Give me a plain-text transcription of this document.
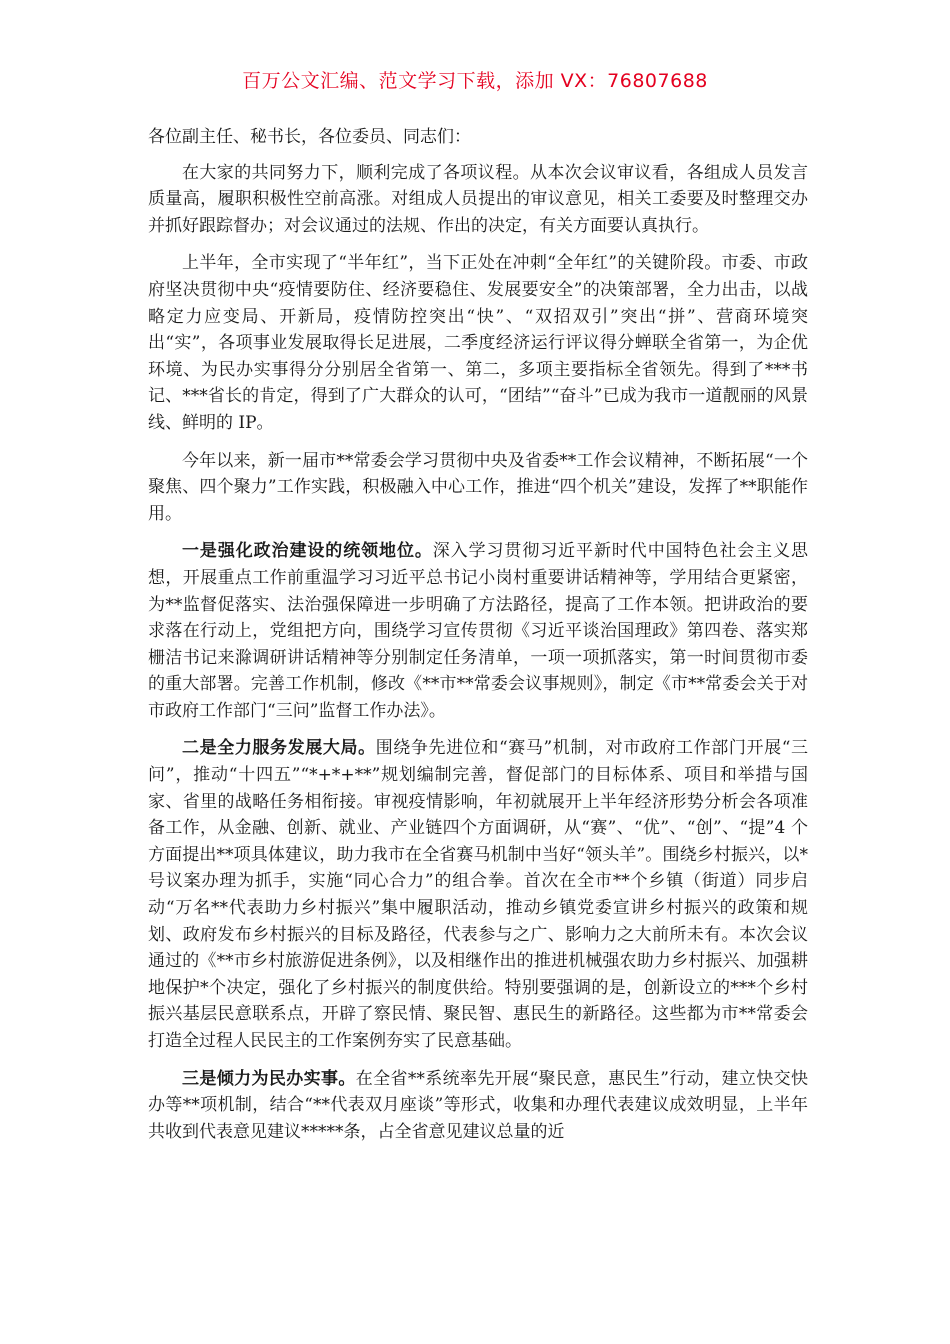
百万公文汇编、范文学习下载，添加 VX：76807688

各位副主任、秘书长，各位委员、同志们：

在大家的共同努力下，顺利完成了各项议程。从本次会议审议看，各组成人员发言质量高，履职积极性空前高涨。对组成人员提出的审议意见，相关工委要及时整理交办并抓好跟踪督办；对会议通过的法规、作出的决定，有关方面要认真执行。

上半年，全市实现了“半年红”，当下正处在冲刺“全年红”的关键阶段。市委、市政府坚决贯彻中央“疫情要防住、经济要稳住、发展要安全”的决策部署，全力出击，以战略定力应变局、开新局，疫情防控突出“快”、“双招双引”突出“拼”、营商环境突出“实”，各项事业发展取得长足进展，二季度经济运行评议得分蝉联全省第一，为企优环境、为民办实事得分分别居全省第一、第二，多项主要指标全省领先。得到了***书记、***省长的肯定，得到了广大群众的认可，“团结”“奋斗”已成为我市一道靓丽的风景线、鲜明的 IP。

今年以来，新一届市**常委会学习贯彻中央及省委**工作会议精神，不断拓展“一个聚焦、四个聚力”工作实践，积极融入中心工作，推进“四个机关”建设，发挥了**职能作用。

一是强化政治建设的统领地位。深入学习贯彻习近平新时代中国特色社会主义思想，开展重点工作前重温学习习近平总书记小岗村重要讲话精神等，学用结合更紧密，为**监督促落实、法治强保障进一步明确了方法路径，提高了工作本领。把讲政治的要求落在行动上，党组把方向，围绕学习宣传贯彻《习近平谈治国理政》第四卷、落实郑栅洁书记来滁调研讲话精神等分别制定任务清单，一项一项抓落实，第一时间贯彻市委的重大部署。完善工作机制，修改《**市**常委会议事规则》，制定《市**常委会关于对市政府工作部门“三问”监督工作办法》。

二是全力服务发展大局。围绕争先进位和“赛马”机制，对市政府工作部门开展“三问”，推动“十四五”“*+*+**”规划编制完善，督促部门的目标体系、项目和举措与国家、省里的战略任务相衔接。审视疫情影响，年初就展开上半年经济形势分析会各项准备工作，从金融、创新、就业、产业链四个方面调研，从“赛”、“优”、“创”、“提”4 个方面提出**项具体建议，助力我市在全省赛马机制中当好“领头羊”。围绕乡村振兴，以*号议案办理为抓手，实施“同心合力”的组合拳。首次在全市**个乡镇（街道）同步启动“万名**代表助力乡村振兴”集中履职活动，推动乡镇党委宣讲乡村振兴的政策和规划、政府发布乡村振兴的目标及路径，代表参与之广、影响力之大前所未有。本次会议通过的《**市乡村旅游促进条例》，以及相继作出的推进机械强农助力乡村振兴、加强耕地保护*个决定，强化了乡村振兴的制度供给。特别要强调的是，创新设立的***个乡村振兴基层民意联系点，开辟了察民情、聚民智、惠民生的新路径。这些都为市**常委会打造全过程人民民主的工作案例夯实了民意基础。

三是倾力为民办实事。在全省**系统率先开展“聚民意，惠民生”行动，建立快交快办等**项机制，结合“**代表双月座谈”等形式，收集和办理代表建议成效明显，上半年共收到代表意见建议*****条，占全省意见建议总量的近
